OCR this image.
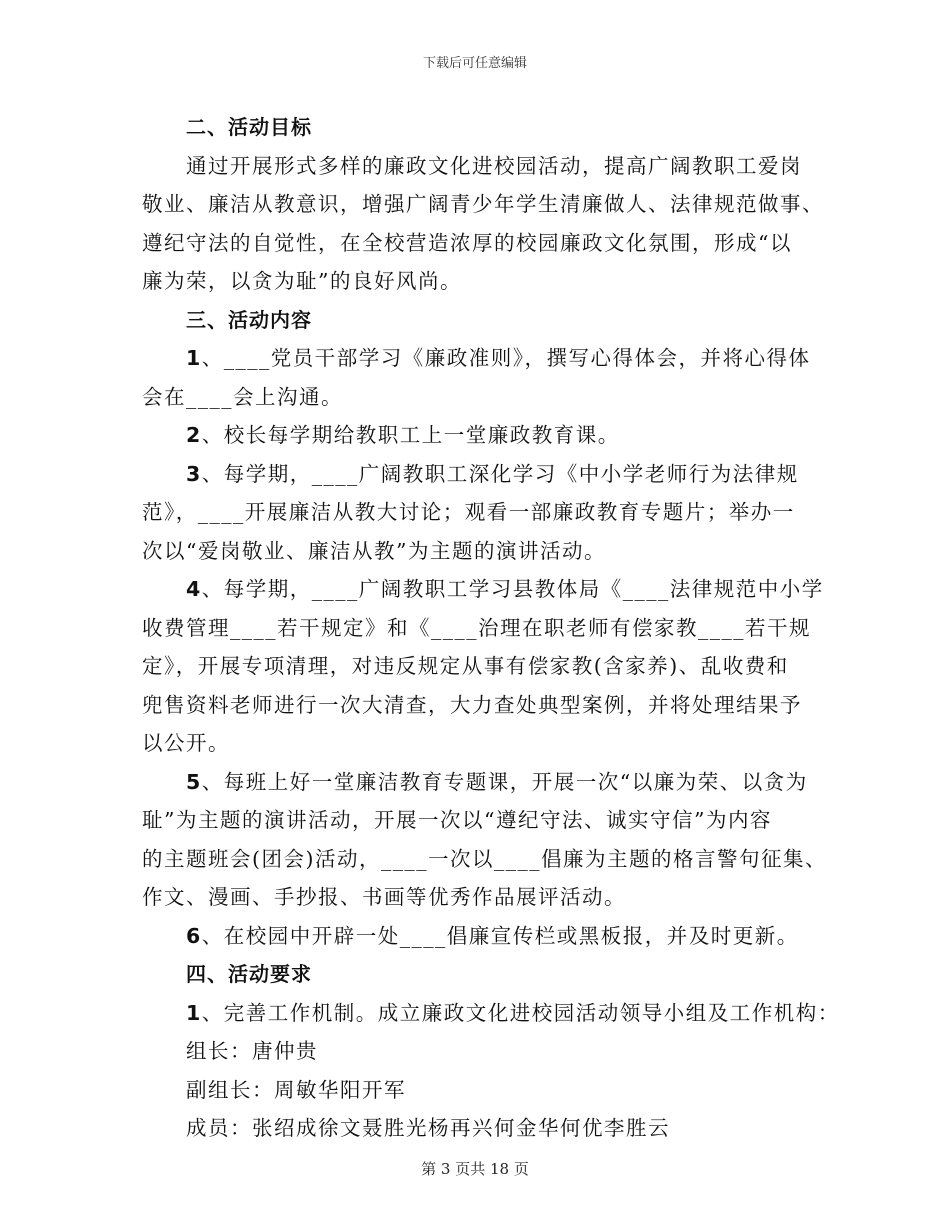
下载后可任意编辑
二、活动目标
通过开展形式多样的廉政文化进校园活动，提高广阔教职工爱岗
敬业、廉洁从教意识，增强广阔青少年学生清廉做人、法律规范做事、
遵纪守法的自觉性，在全校营造浓厚的校园廉政文化氛围，形成“以
廉为荣，以贪为耻”的良好风尚。
三、活动内容
1、____党员干部学习《廉政准则》，撰写心得体会，并将心得体
会在____会上沟通。
2、校长每学期给教职工上一堂廉政教育课。
3、每学期，____广阔教职工深化学习《中小学老师行为法律规
范》，____开展廉洁从教大讨论；观看一部廉政教育专题片；举办一
次以“爱岗敬业、廉洁从教”为主题的演讲活动。
4、每学期，____广阔教职工学习县教体局《____法律规范中小学
收费管理____若干规定》和《____治理在职老师有偿家教____若干规
定》，开展专项清理，对违反规定从事有偿家教(含家养)、乱收费和
兜售资料老师进行一次大清查，大力查处典型案例，并将处理结果予
以公开。
5、每班上好一堂廉洁教育专题课，开展一次“以廉为荣、以贪为
耻”为主题的演讲活动，开展一次以“遵纪守法、诚实守信”为内容
的主题班会(团会)活动，____一次以____倡廉为主题的格言警句征集、
作文、漫画、手抄报、书画等优秀作品展评活动。
6、在校园中开辟一处____倡廉宣传栏或黑板报，并及时更新。
四、活动要求
1、完善工作机制。成立廉政文化进校园活动领导小组及工作机构：
组长：唐仲贵
副组长：周敏华阳开军
成员：张绍成徐文聂胜光杨再兴何金华何优李胜云
第 3 页共 18 页
